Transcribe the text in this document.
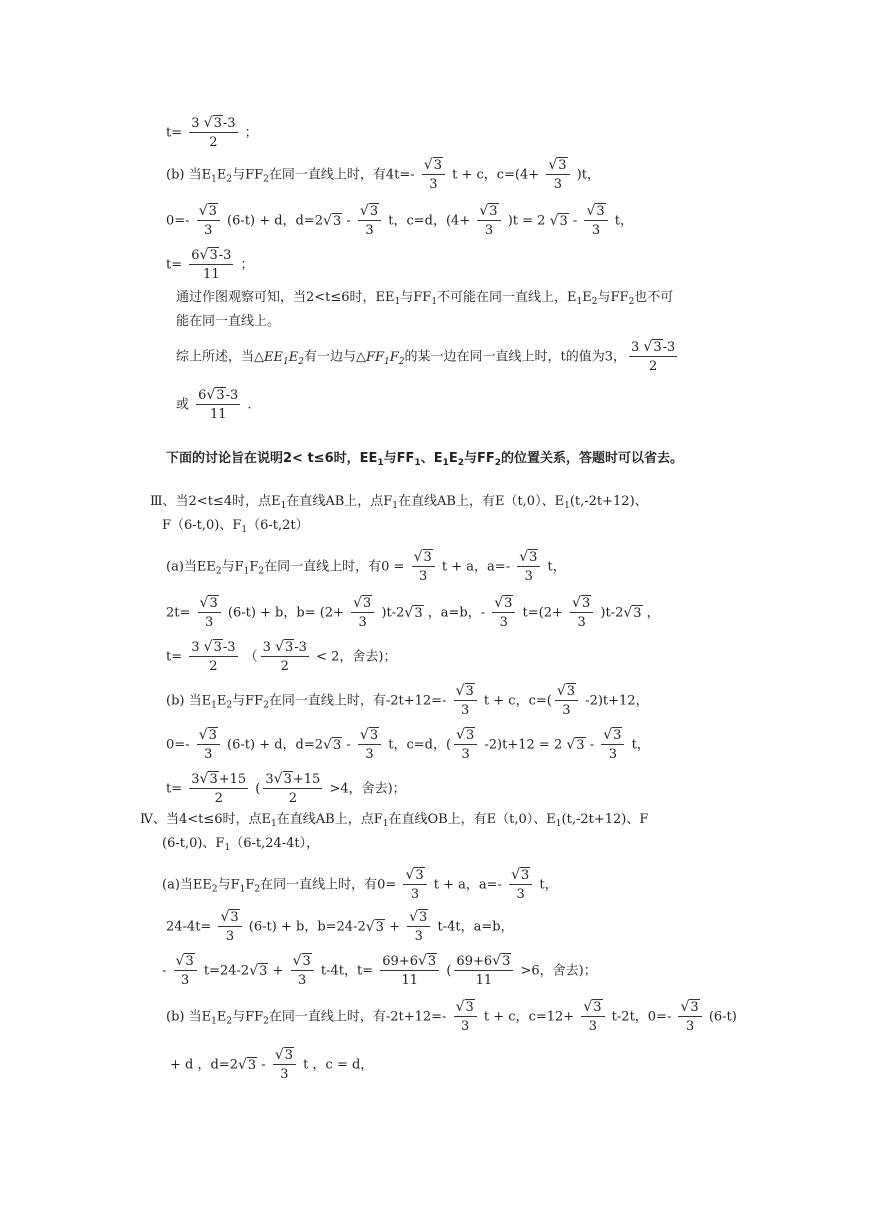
$t= \frac{3 √3-3}{2}$ ；
(b) 当$E_1E_2$与$FF_2$在同一直线上时，有$4t=- \frac{√3}{3}$ t + c，$c=(4+ \frac{√3}{3} )t$，
$0=- \frac{√3}{3} (6-t) + d$，$d=2√3 - \frac{√3}{3}$ t，c=d，$(4+ \frac{√3}{3} )t = 2$ $√3 - \frac{√3}{3}$ t，
$t= \frac{6√3-3}{11}$ ；
通过作图观察可知，当2<t≤6时，$EE_1$与$FF_1$不可能在同一直线上，$E_1E_2$与$FF_2$也不可
能在同一直线上。
综上所述，当$\triangle EE_1E_2$有一边与$\triangle FF_1F_2$的某一边在同一直线上时，t的值为3， $\frac{3 √3-3}{2}$
或 $\frac{6√3-3}{11}$ .
下面的讨论旨在说明2< t≤6时，$EE_1$与$FF_1$、$E_1E_2$与$FF_2$的位置关系，答题时可以省去。
Ⅲ、当2<t≤4时，点$E_1$在直线AB上，点$F_1$在直线AB上，有E（t,0）、$E_1(t,-2t+12)$、
F（6-t,0)、$F_1(6-t,2t)$
(a)当$EE_2$与$F_1F_2$在同一直线上时，有$0 = \frac{√3}{3}$ t + a，$a=- \frac{√3}{3}$ t，
$2t= \frac{√3}{3} (6-t) + b$，$b= (2+ \frac{√3}{3} )t-2√3$ ，a=b，- $\frac{√3}{3} t=(2+ \frac{√3}{3} )t-2√3$ ，
$t= \frac{3 √3-3}{2}$ （ $\frac{3 √3-3}{2} < 2$，舍去)；
(b) 当$E_1E_2$与$FF_2$在同一直线上时，有$-2t+12=- \frac{√3}{3}$ t + c，$c=( \frac{√3}{3} -2)t+12$，
$0=- \frac{√3}{3} (6-t) + d$，$d=2√3 - \frac{√3}{3}$ t，c=d，( $\frac{√3}{3} -2)t+12 = 2$ $√3 - \frac{√3}{3}$ t，
$t= \frac{3√3+15}{2}$ ( $\frac{3√3+15}{2} >4$，舍去)；
Ⅳ、当4<t≤6时，点$E_1$在直线AB上，点$F_1$在直线OB上，有E（t,0）、$E_1(t,-2t+12)$、F
(6-t,0)、$F_1(6-t,24-4t)$，
(a)当$EE_2$与$F_1F_2$在同一直线上时，有$0= \frac{√3}{3}$ t + a，$a=- \frac{√3}{3}$ t，
$24-4t= \frac{√3}{3} (6-t) + b$，$b=24-2√3 + \frac{√3}{3} t-4t$，a=b，
- $\frac{√3}{3} t=24-2√3 + \frac{√3}{3} t-4t$，$t= \frac{69+6√3}{11}$ ( $\frac{69+6√3}{11} >6$，舍去)；
(b) 当$E_1E_2$与$FF_2$在同一直线上时，有$-2t+12=- \frac{√3}{3}$ t + c，$c=12+ \frac{√3}{3} t-2t$，$0=- \frac{√3}{3} (6-t)$
+ d ，$d=2√3 - \frac{√3}{3}$ t ，c = d，
